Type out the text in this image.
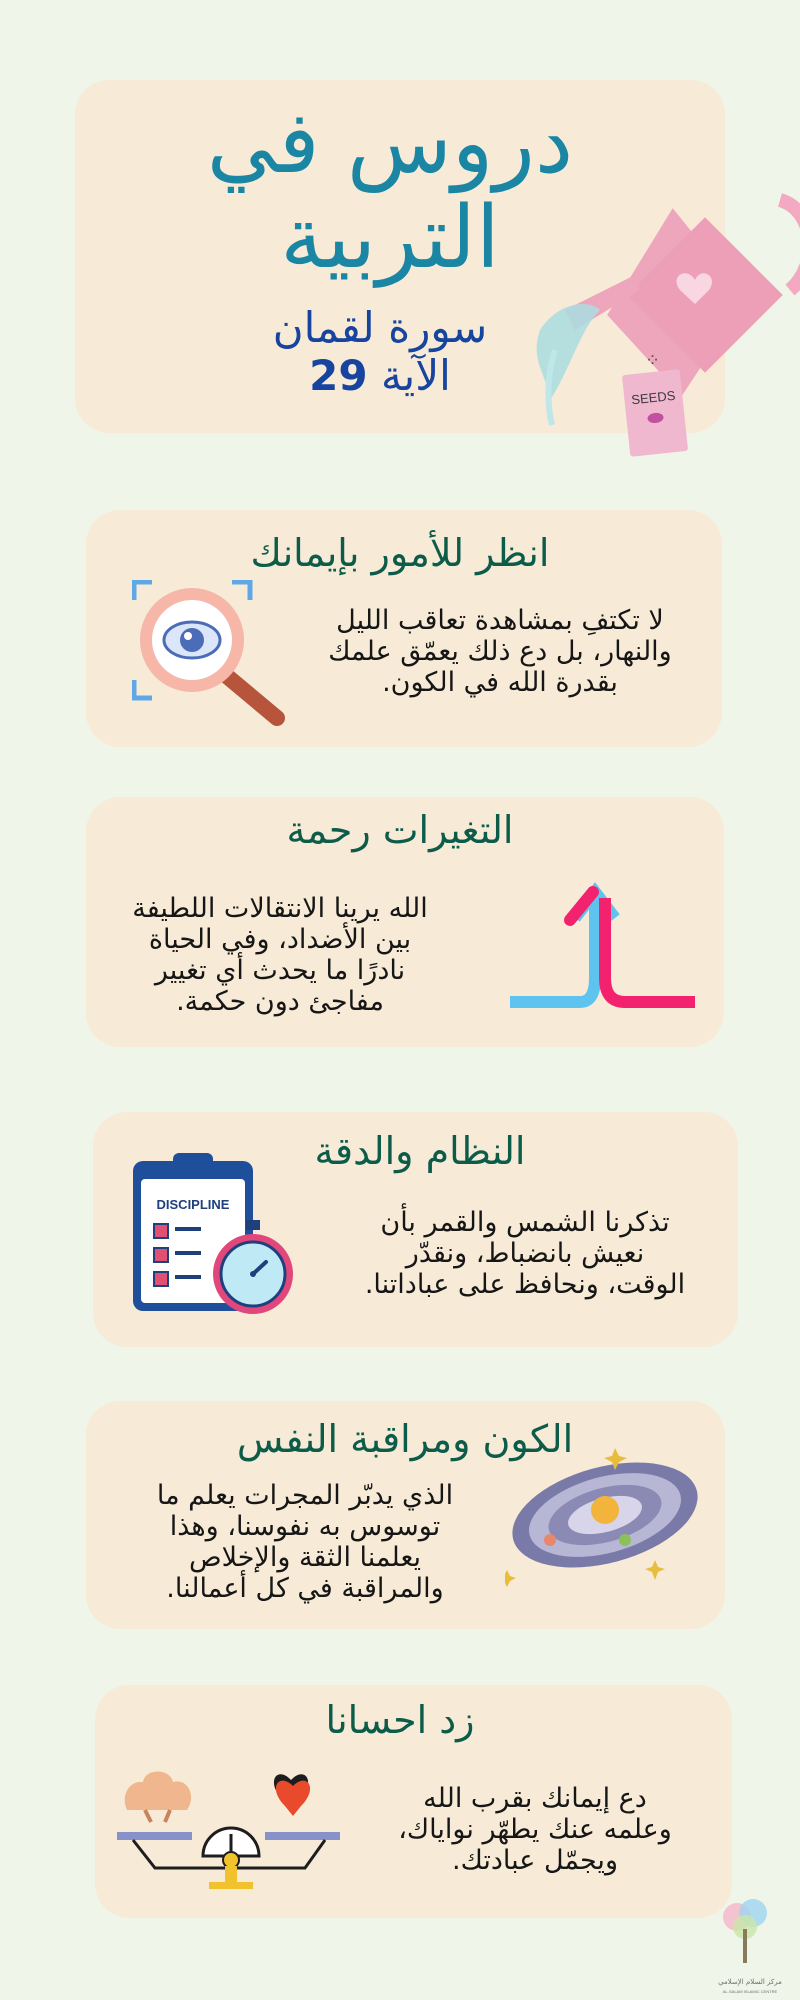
دروس في
التربية
سورة لقمان
الآية 29	SEEDS
⁘
انظر للأمور بإيمانك
لا تكتفِ بمشاهدة تعاقب الليل
والنهار، بل دع ذلك يعمّق علمك
بقدرة الله في الكون.
التغيرات رحمة
الله يرينا الانتقالات اللطيفة
بين الأضداد، وفي الحياة
نادرًا ما يحدث أي تغيير
مفاجئ دون حكمة.
النظام والدقة
تذكرنا الشمس والقمر بأن
نعيش بانضباط، ونقدّر
الوقت، ونحافظ على عباداتنا.
DISCIPLINE
الكون ومراقبة النفس
الذي يدبّر المجرات يعلم ما
توسوس به نفوسنا، وهذا
يعلمنا الثقة والإخلاص
والمراقبة في كل أعمالنا.
زد احسانا
دع إيمانك بقرب الله
وعلمه عنك يطهّر نواياك،
ويجمّل عبادتك.
مركز السلام الإسلامي
AL-SALAM ISLAMIC CENTRE
